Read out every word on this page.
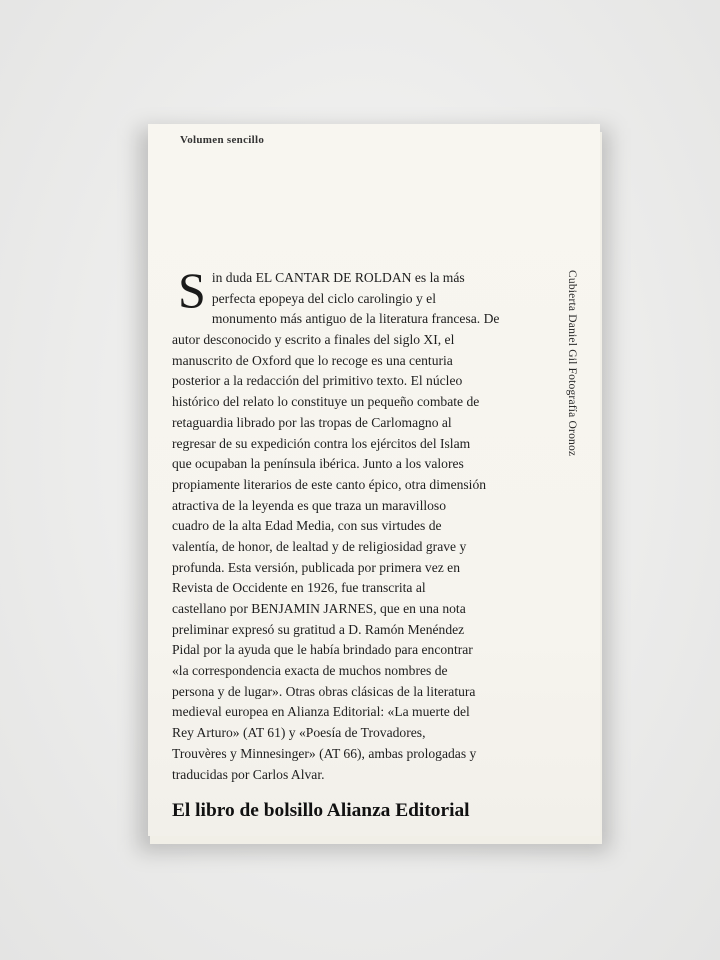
Volumen sencillo
S in duda EL CANTAR DE ROLDAN es la más
perfecta epopeya del ciclo carolingio y el
monumento más antiguo de la literatura francesa. De
autor desconocido y escrito a finales del siglo XI, el
manuscrito de Oxford que lo recoge es una centuria
posterior a la redacción del primitivo texto. El núcleo
histórico del relato lo constituye un pequeño combate de
retaguardia librado por las tropas de Carlomagno al
regresar de su expedición contra los ejércitos del Islam
que ocupaban la península ibérica. Junto a los valores
propiamente literarios de este canto épico, otra dimensión
atractiva de la leyenda es que traza un maravilloso
cuadro de la alta Edad Media, con sus virtudes de
valentía, de honor, de lealtad y de religiosidad grave y
profunda. Esta versión, publicada por primera vez en
Revista de Occidente en 1926, fue transcrita al
castellano por BENJAMIN JARNES, que en una nota
preliminar expresó su gratitud a D. Ramón Menéndez
Pidal por la ayuda que le había brindado para encontrar
«la correspondencia exacta de muchos nombres de
persona y de lugar». Otras obras clásicas de la literatura
medieval europea en Alianza Editorial: «La muerte del
Rey Arturo» (AT 61) y «Poesía de Trovadores,
Trouvères y Minnesinger» (AT 66), ambas prologadas y
traducidas por Carlos Alvar.
Cubierta Daniel Gil Fotografía Oronoz
El libro de bolsillo Alianza Editorial
